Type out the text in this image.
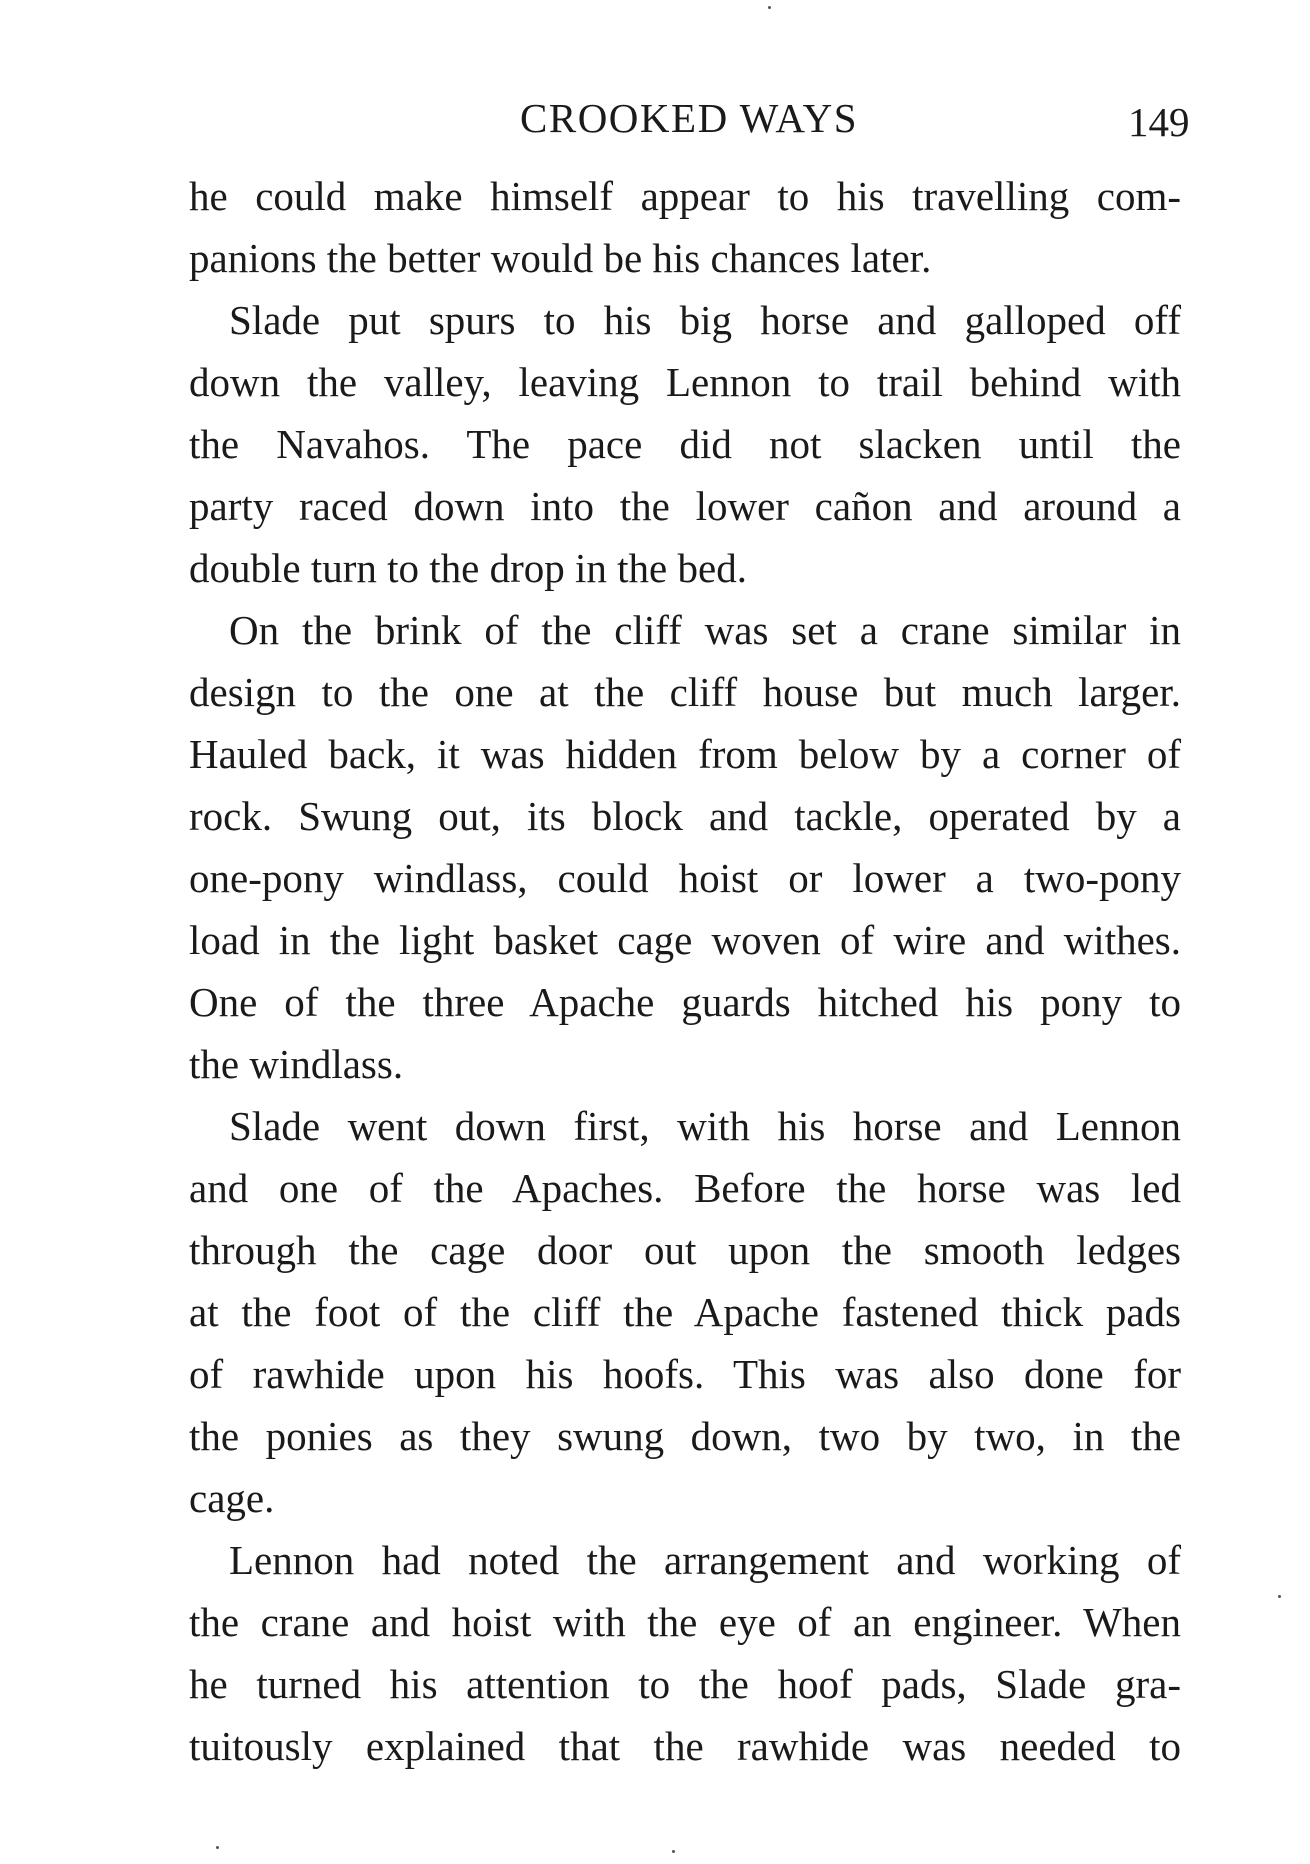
CROOKED WAYS	149
he could make himself appear to his travelling com-
panions the better would be his chances later.
Slade put spurs to his big horse and galloped off
down the valley, leaving Lennon to trail behind with
the Navahos. The pace did not slacken until the
party raced down into the lower cañon and around a
double turn to the drop in the bed.
On the brink of the cliff was set a crane similar in
design to the one at the cliff house but much larger.
Hauled back, it was hidden from below by a corner of
rock. Swung out, its block and tackle, operated by a
one-pony windlass, could hoist or lower a two-pony
load in the light basket cage woven of wire and withes.
One of the three Apache guards hitched his pony to
the windlass.
Slade went down first, with his horse and Lennon
and one of the Apaches. Before the horse was led
through the cage door out upon the smooth ledges
at the foot of the cliff the Apache fastened thick pads
of rawhide upon his hoofs. This was also done for
the ponies as they swung down, two by two, in the
cage.
Lennon had noted the arrangement and working of
the crane and hoist with the eye of an engineer. When
he turned his attention to the hoof pads, Slade gra-
tuitously explained that the rawhide was needed to
